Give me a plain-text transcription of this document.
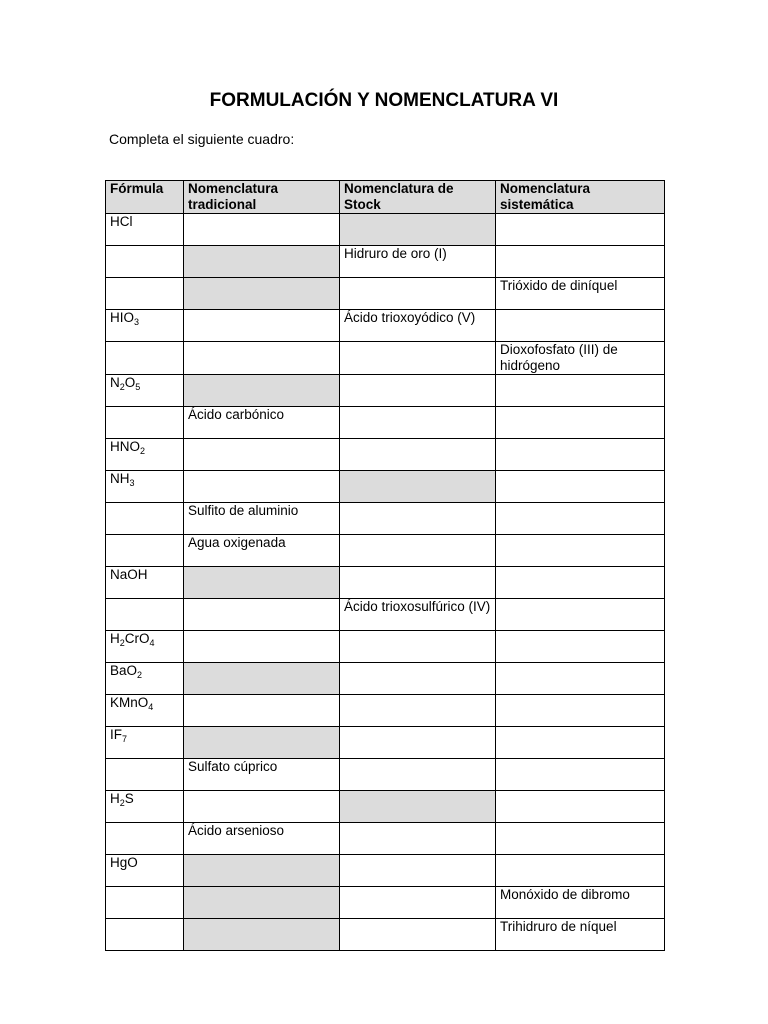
FORMULACIÓN Y NOMENCLATURA VI
Completa el siguiente cuadro:
Fórmula	Nomenclatura tradicional	Nomenclatura de Stock	Nomenclatura sistemática
HCl			
		Hidruro de oro (I)	
			Trióxido de diníquel
$HIO_3$		Ácido trioxoyódico (V)	
			Dioxofosfato (III) de hidrógeno
$N_2O_5$			
	Ácido carbónico		
$HNO_2$			
$NH_3$			
	Sulfito de aluminio		
	Agua oxigenada		
NaOH			
		Ácido trioxosulfúrico (IV)	
$H_2CrO_4$			
BaO$_2$			
KMnO$_4$			
$IF_7$			
	Sulfato cúprico		
$H_2S$			
	Ácido arsenioso		
HgO			
			Monóxido de dibromo
			Trihidruro de níquel
